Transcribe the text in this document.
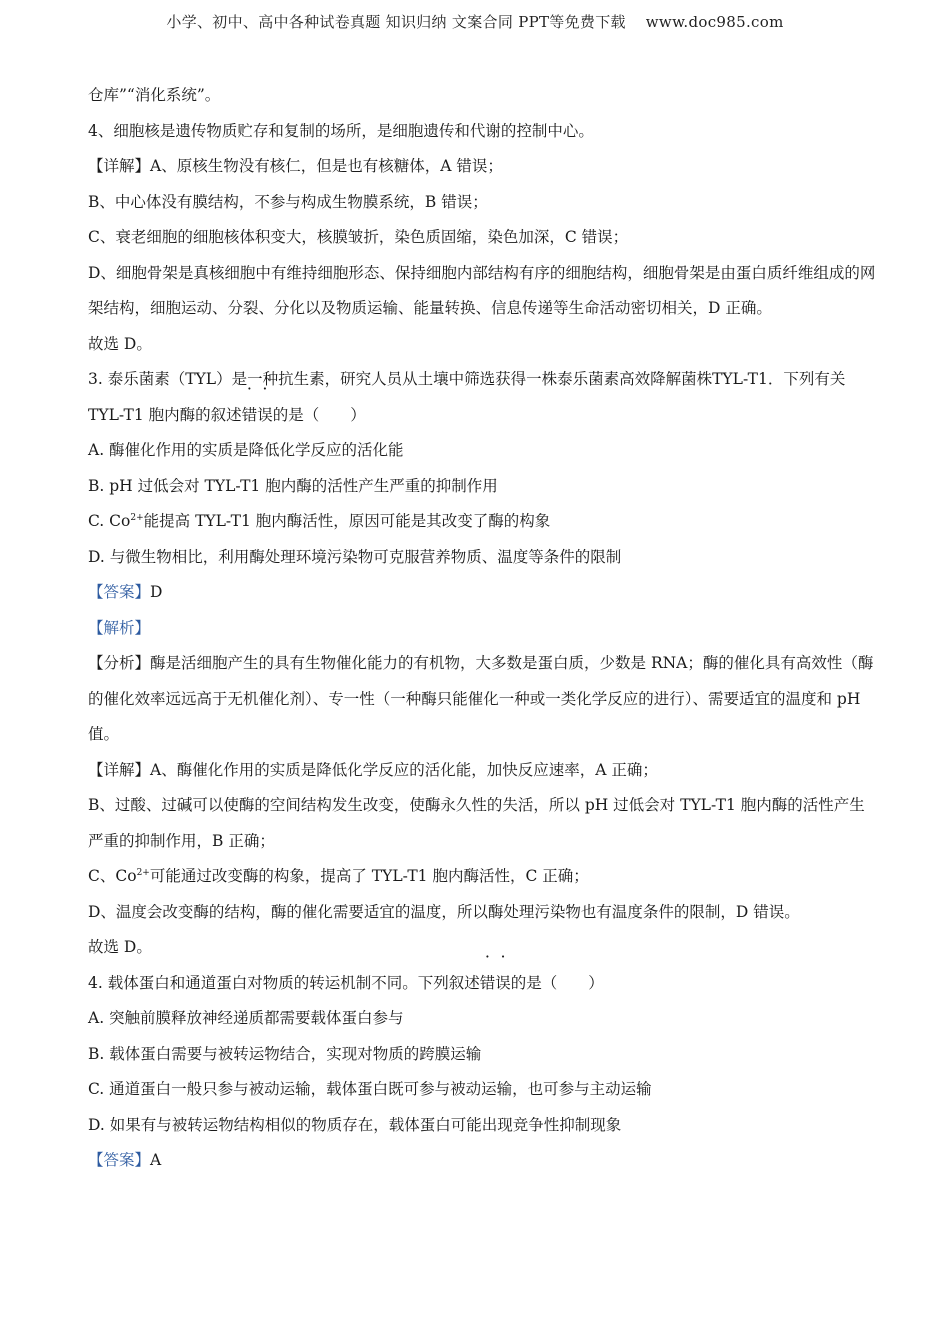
小学、初中、高中各种试卷真题 知识归纳 文案合同 PPT等免费下载 www.doc985.com

仓库”“消化系统”。

4、细胞核是遗传物质贮存和复制的场所，是细胞遗传和代谢的控制中心。

【详解】A、原核生物没有核仁，但是也有核糖体，A 错误；

B、中心体没有膜结构，不参与构成生物膜系统，B 错误；

C、衰老细胞的细胞核体积变大，核膜皱折，染色质固缩，染色加深，C 错误；

D、细胞骨架是真核细胞中有维持细胞形态、保持细胞内部结构有序的细胞结构，细胞骨架是由蛋白质纤维组成的网架结构，细胞运动、分裂、分化以及物质运输、能量转换、信息传递等生命活动密切相关，D 正确。

故选 D。

3. 泰乐菌素（TYL）是一种抗生素，研究人员从土壤中筛选获得一株泰乐菌素高效降解菌株TYL-T1．下列有关 TYL-T1 胞内酶的叙述错误的是（　　）

A. 酶催化作用的实质是降低化学反应的活化能

B. pH 过低会对 TYL-T1 胞内酶的活性产生严重的抑制作用

C. $Co^{2+}$能提高 TYL-T1 胞内酶活性，原因可能是其改变了酶的构象

D. 与微生物相比，利用酶处理环境污染物可克服营养物质、温度等条件的限制

【答案】D

【解析】

【分析】酶是活细胞产生的具有生物催化能力的有机物，大多数是蛋白质，少数是 RNA；酶的催化具有高效性（酶的催化效率远远高于无机催化剂）、专一性（一种酶只能催化一种或一类化学反应的进行）、需要适宜的温度和 pH 值。

【详解】A、酶催化作用的实质是降低化学反应的活化能，加快反应速率，A 正确；

B、过酸、过碱可以使酶的空间结构发生改变，使酶永久性的失活，所以 pH 过低会对 TYL-T1 胞内酶的活性产生严重的抑制作用，B 正确；

C、$Co^{2+}$可能通过改变酶的构象，提高了 TYL-T1 胞内酶活性，C 正确；

D、温度会改变酶的结构，酶的催化需要适宜的温度，所以酶处理污染物也有温度条件的限制，D 错误。

故选 D。

4. 载体蛋白和通道蛋白对物质的转运机制不同。下列叙述错误的是（　　）

A. 突触前膜释放神经递质都需要载体蛋白参与

B. 载体蛋白需要与被转运物结合，实现对物质的跨膜运输

C. 通道蛋白一般只参与被动运输，载体蛋白既可参与被动运输，也可参与主动运输

D. 如果有与被转运物结构相似的物质存在，载体蛋白可能出现竞争性抑制现象

【答案】A
